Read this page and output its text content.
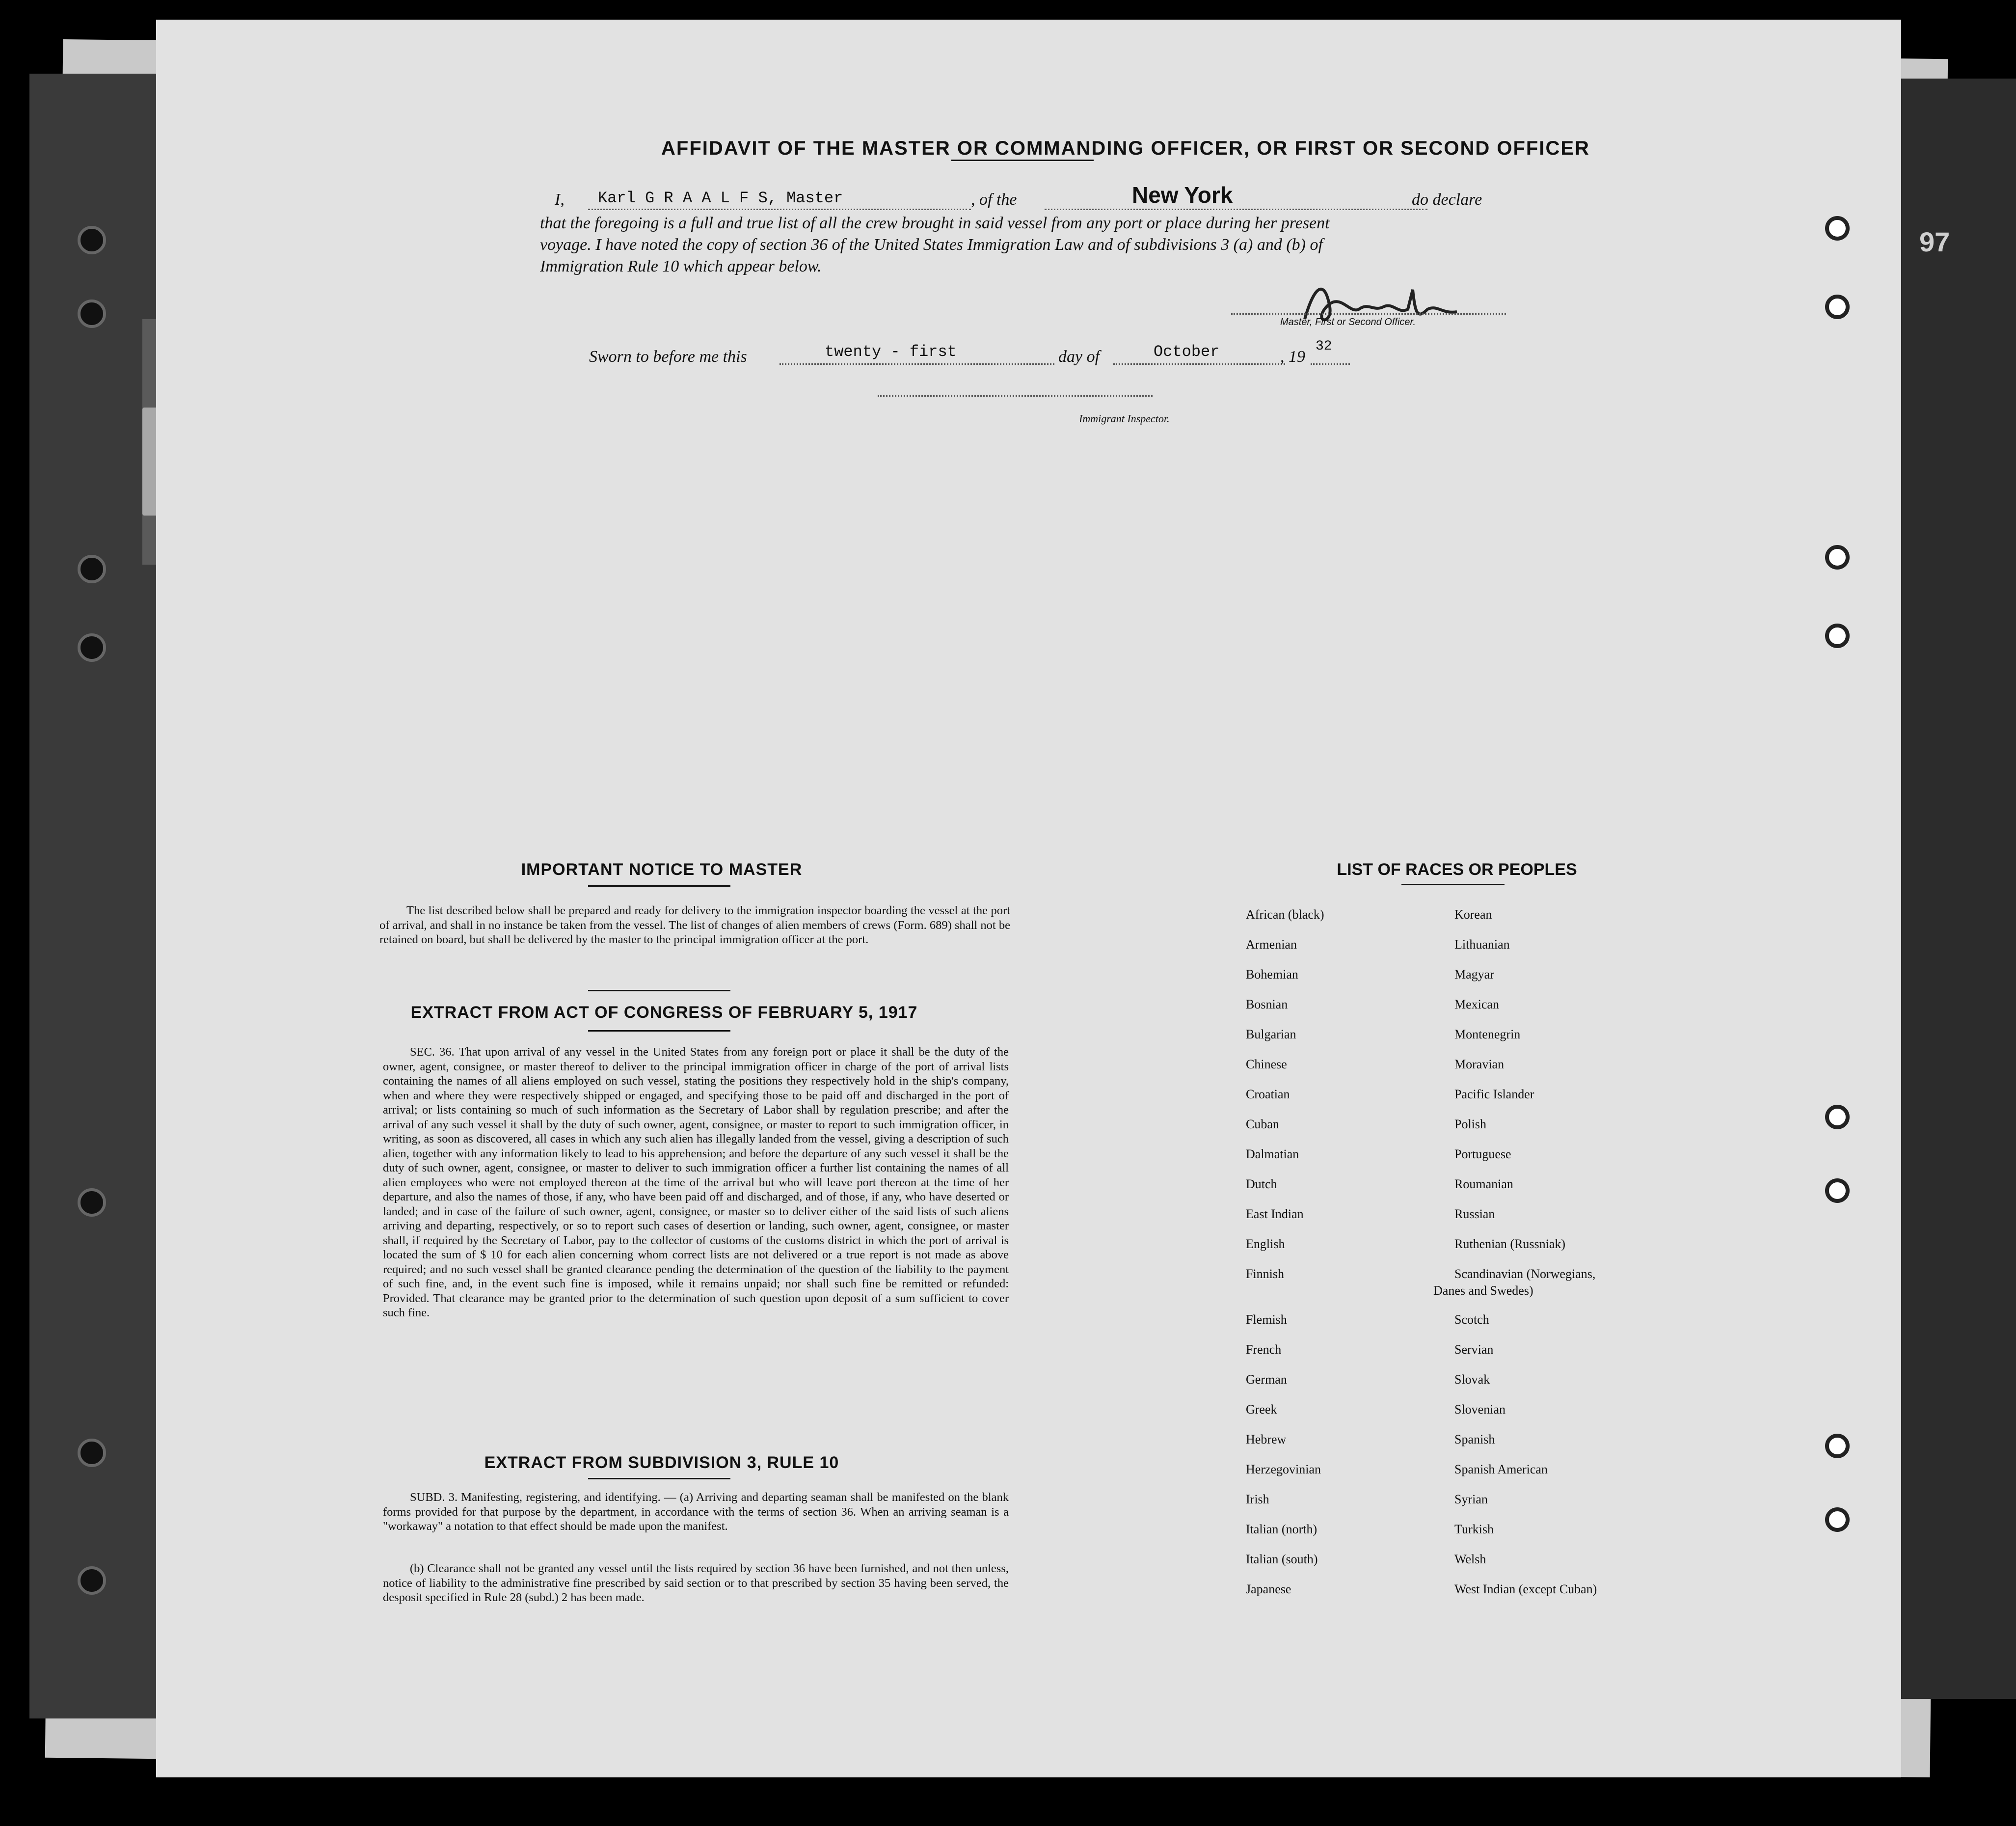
97
AFFIDAVIT OF THE MASTER OR COMMANDING OFFICER, OR FIRST OR SECOND OFFICER
I, Karl G R A A L F S, Master	, of the	New York	do declare
that the foregoing is a full and true list of all the crew brought in said vessel from any port or place during her present
voyage. I have noted the copy of section 36 of the United States Immigration Law and of subdivisions 3 (a) and (b) of
Immigration Rule 10 which appear below.
Master, First or Second Officer.
Sworn to before me this	twenty - first	day of	October	, 19
32
Immigrant Inspector.
IMPORTANT NOTICE TO MASTER
The list described below shall be prepared and ready for delivery to the immigration inspector boarding the vessel at the port of arrival, and shall in no instance be taken from the vessel. The list of changes of alien members of crews (Form. 689) shall not be retained on board, but shall be delivered by the master to the principal immigration officer at the port.
EXTRACT FROM ACT OF CONGRESS OF FEBRUARY 5, 1917
SEC. 36. That upon arrival of any vessel in the United States from any foreign port or place it shall be the duty of the owner, agent, consignee, or master thereof to deliver to the principal immigration officer in charge of the port of arrival lists containing the names of all aliens employed on such vessel, stating the positions they respectively hold in the ship's company, when and where they were respectively shipped or engaged, and specifying those to be paid off and discharged in the port of arrival; or lists containing so much of such information as the Secretary of Labor shall by regulation prescribe; and after the arrival of any such vessel it shall by the duty of such owner, agent, consignee, or master to report to such immigration officer, in writing, as soon as discovered, all cases in which any such alien has illegally landed from the vessel, giving a description of such alien, together with any information likely to lead to his apprehension; and before the departure of any such vessel it shall be the duty of such owner, agent, consignee, or master to deliver to such immigration officer a further list containing the names of all alien employees who were not employed thereon at the time of the arrival but who will leave port thereon at the time of her departure, and also the names of those, if any, who have been paid off and discharged, and of those, if any, who have deserted or landed; and in case of the failure of such owner, agent, consignee, or master so to deliver either of the said lists of such aliens arriving and departing, respectively, or so to report such cases of desertion or landing, such owner, agent, consignee, or master shall, if required by the Secretary of Labor, pay to the collector of customs of the customs district in which the port of arrival is located the sum of $ 10 for each alien concerning whom correct lists are not delivered or a true report is not made as above required; and no such vessel shall be granted clearance pending the determination of the question of the liability to the payment of such fine, and, in the event such fine is imposed, while it remains unpaid; nor shall such fine be remitted or refunded: Provided. That clearance may be granted prior to the determination of such question upon deposit of a sum sufficient to cover such fine.
EXTRACT FROM SUBDIVISION 3, RULE 10
SUBD. 3. Manifesting, registering, and identifying. — (a) Arriving and departing seaman shall be manifested on the blank forms provided for that purpose by the department, in accordance with the terms of section 36. When an arriving seaman is a "workaway" a notation to that effect should be made upon the manifest.
(b) Clearance shall not be granted any vessel until the lists required by section 36 have been furnished, and not then unless, notice of liability to the administrative fine prescribed by said section or to that prescribed by section 35 having been served, the desposit specified in Rule 28 (subd.) 2 has been made.
LIST OF RACES OR PEOPLES
African (black)
Armenian
Bohemian
Bosnian
Bulgarian
Chinese
Croatian
Cuban
Dalmatian
Dutch
East Indian
English
Finnish
Flemish
French
German
Greek
Hebrew
Herzegovinian
Irish
Italian (north)
Italian (south)
Japanese
Korean
Lithuanian
Magyar
Mexican
Montenegrin
Moravian
Pacific Islander
Polish
Portuguese
Roumanian
Russian
Ruthenian (Russniak)
Scandinavian (Norwegians,
Danes and Swedes)
Scotch
Servian
Slovak
Slovenian
Spanish
Spanish American
Syrian
Turkish
Welsh
West Indian (except Cuban)
